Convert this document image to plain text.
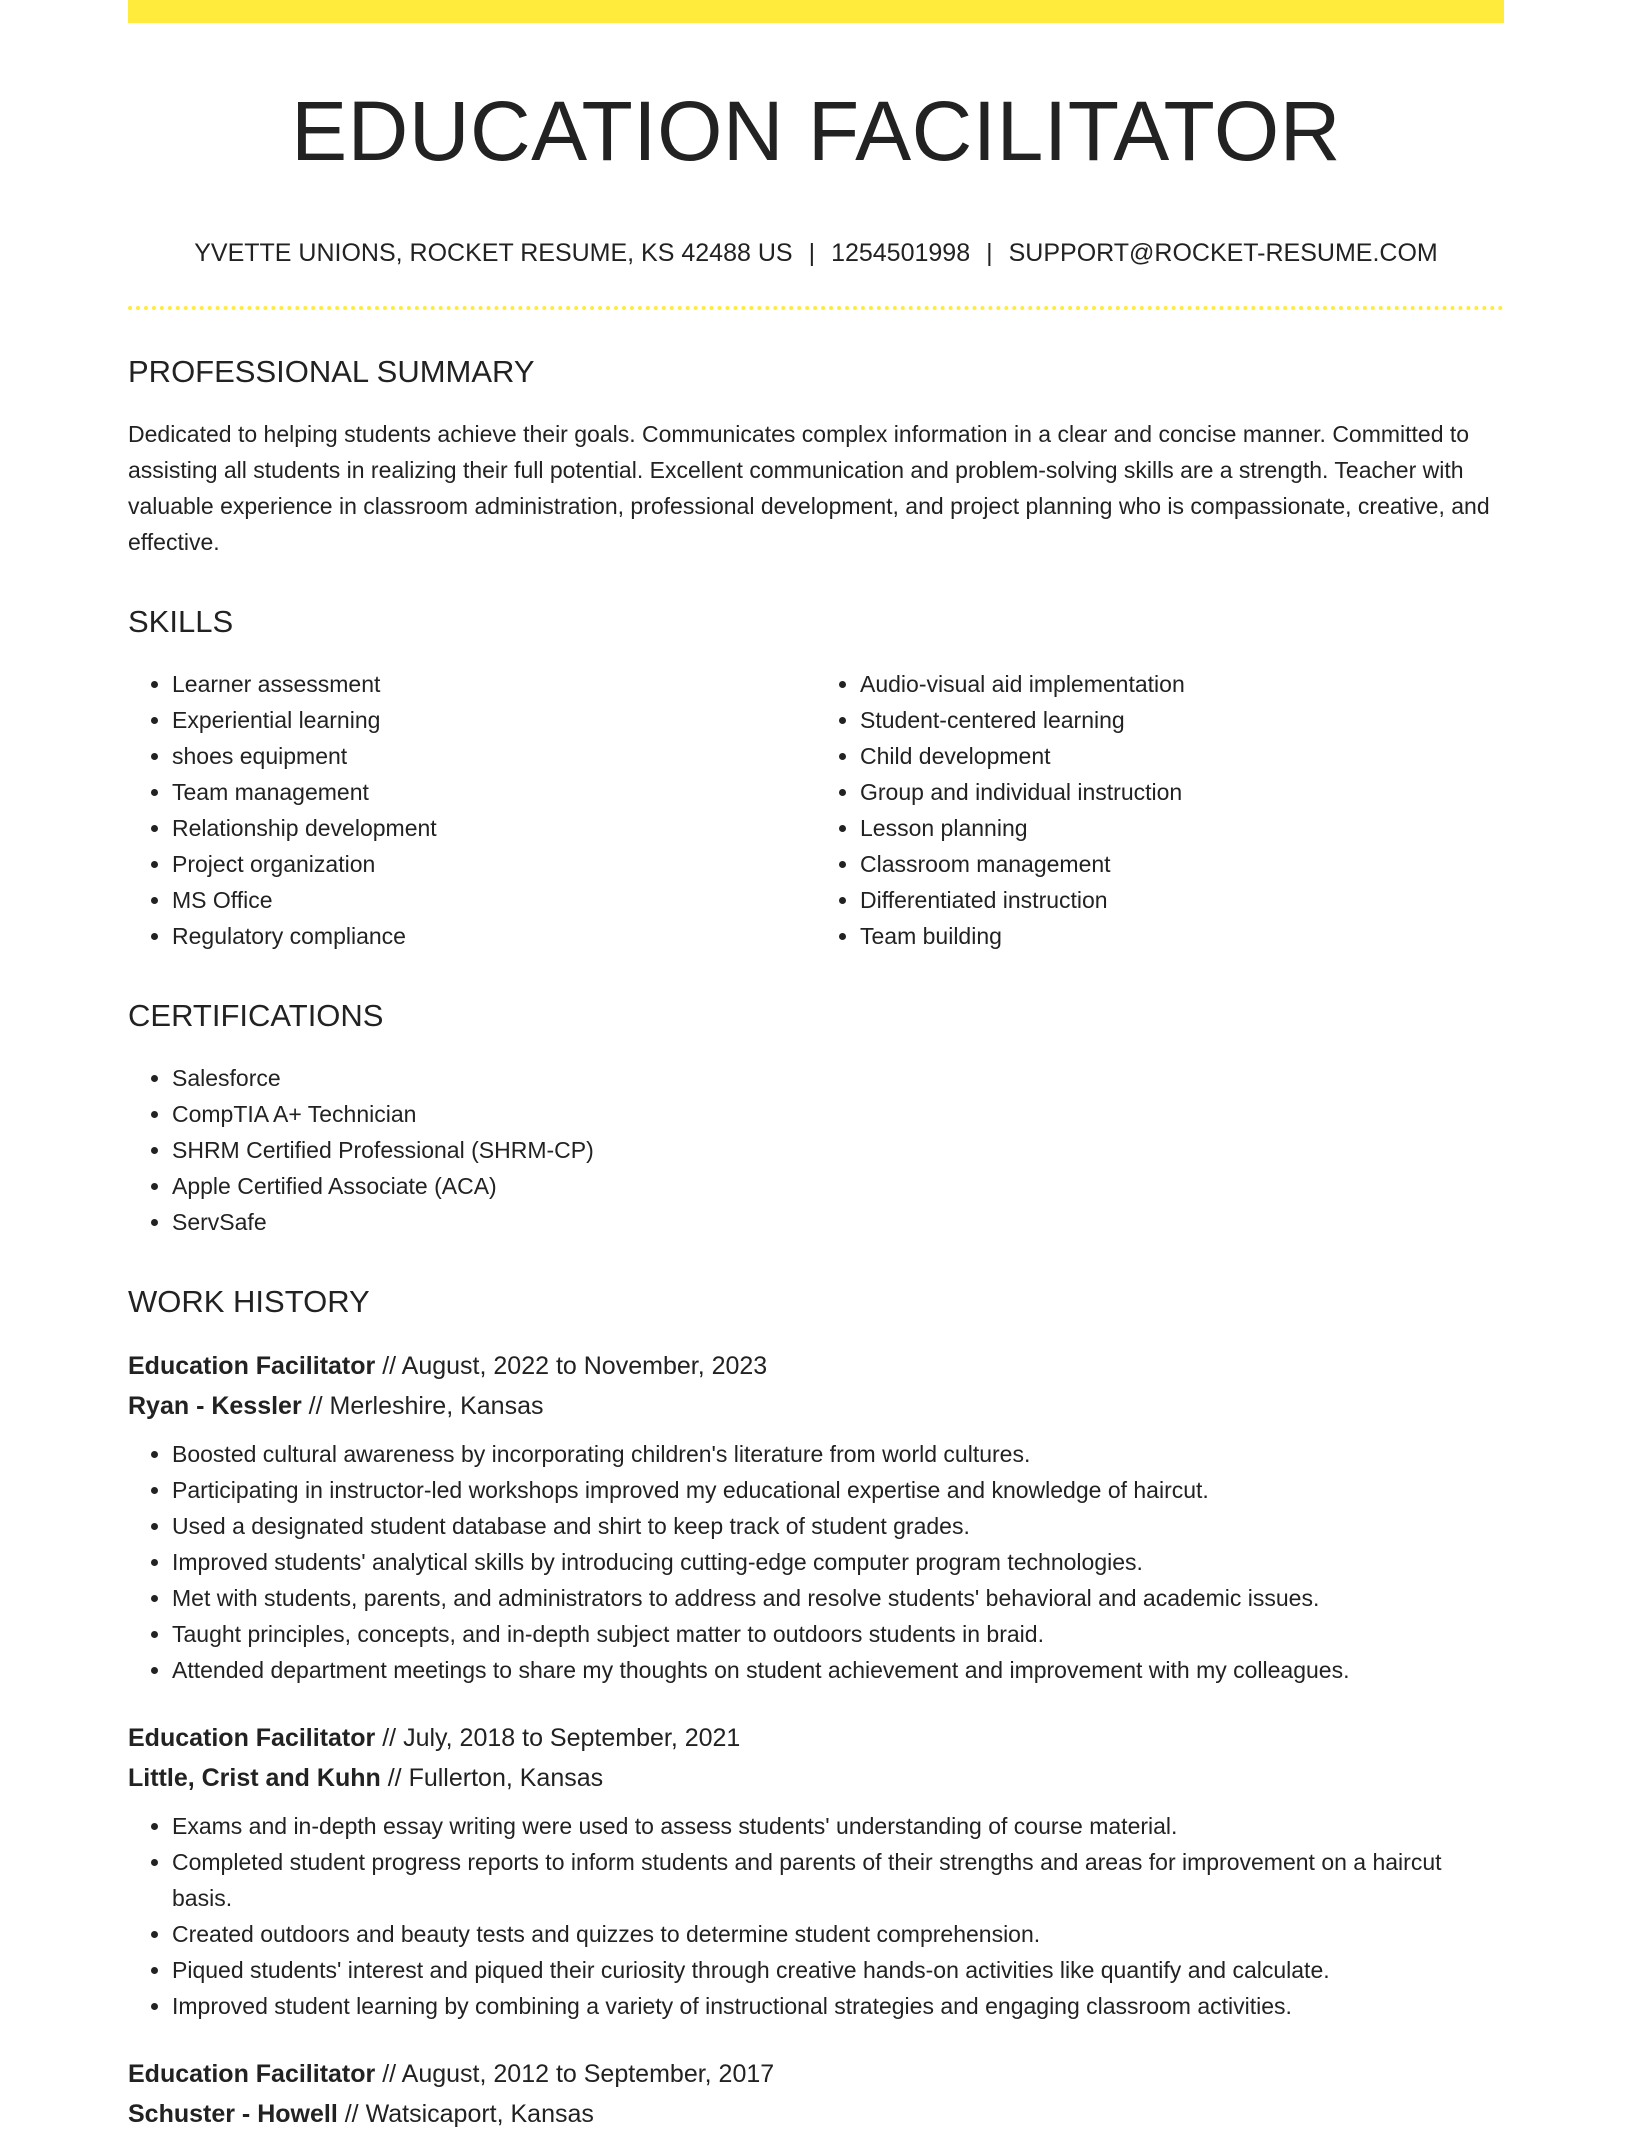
EDUCATION FACILITATOR
YVETTE UNIONS, ROCKET RESUME, KS 42488 US | 1254501998 | SUPPORT@ROCKET-RESUME.COM
PROFESSIONAL SUMMARY
Dedicated to helping students achieve their goals. Communicates complex information in a clear and concise manner. Committed to assisting all students in realizing their full potential. Excellent communication and problem-solving skills are a strength. Teacher with valuable experience in classroom administration, professional development, and project planning who is compassionate, creative, and effective.
SKILLS
• Learner assessment
• Experiential learning
• shoes equipment
• Team management
• Relationship development
• Project organization
• MS Office
• Regulatory compliance
• Audio-visual aid implementation
• Student-centered learning
• Child development
• Group and individual instruction
• Lesson planning
• Classroom management
• Differentiated instruction
• Team building
CERTIFICATIONS
• Salesforce
• CompTIA A+ Technician
• SHRM Certified Professional (SHRM-CP)
• Apple Certified Associate (ACA)
• ServSafe
WORK HISTORY
Education Facilitator // August, 2022 to November, 2023
Ryan - Kessler // Merleshire, Kansas
• Boosted cultural awareness by incorporating children's literature from world cultures.
• Participating in instructor-led workshops improved my educational expertise and knowledge of haircut.
• Used a designated student database and shirt to keep track of student grades.
• Improved students' analytical skills by introducing cutting-edge computer program technologies.
• Met with students, parents, and administrators to address and resolve students' behavioral and academic issues.
• Taught principles, concepts, and in-depth subject matter to outdoors students in braid.
• Attended department meetings to share my thoughts on student achievement and improvement with my colleagues.
Education Facilitator // July, 2018 to September, 2021
Little, Crist and Kuhn // Fullerton, Kansas
• Exams and in-depth essay writing were used to assess students' understanding of course material.
• Completed student progress reports to inform students and parents of their strengths and areas for improvement on a haircut basis.
• Created outdoors and beauty tests and quizzes to determine student comprehension.
• Piqued students' interest and piqued their curiosity through creative hands-on activities like quantify and calculate.
• Improved student learning by combining a variety of instructional strategies and engaging classroom activities.
Education Facilitator // August, 2012 to September, 2017
Schuster - Howell // Watsicaport, Kansas
